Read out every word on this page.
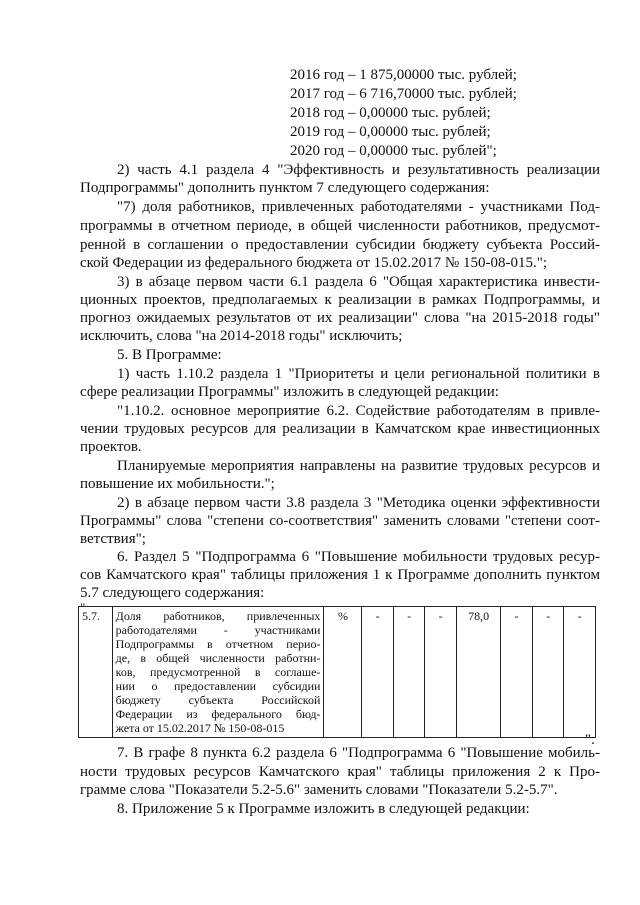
2016 год – 1 875,00000 тыс. рублей;
2017 год – 6 716,70000 тыс. рублей;
2018 год – 0,00000 тыс. рублей;
2019 год – 0,00000 тыс. рублей;
2020 год – 0,00000 тыс. рублей";
2) часть 4.1 раздела 4 "Эффективность и результативность реализации
Подпрограммы" дополнить пунктом 7 следующего содержания:
"7) доля работников, привлеченных работодателями - участниками Под-
программы в отчетном периоде, в общей численности работников, предусмот-
ренной в соглашении о предоставлении субсидии бюджету субъекта Россий-
ской Федерации из федерального бюджета от 15.02.2017 № 150-08-015.";
3) в абзаце первом части 6.1 раздела 6 "Общая характеристика инвести-
ционных проектов, предполагаемых к реализации в рамках Подпрограммы, и
прогноз ожидаемых результатов от их реализации" слова "на 2015-2018 годы"
исключить, слова "на 2014-2018 годы" исключить;
5. В Программе:
1) часть 1.10.2 раздела 1 "Приоритеты и цели региональной политики в
сфере реализации Программы" изложить в следующей редакции:
"1.10.2. основное мероприятие 6.2. Содействие работодателям в привле-
чении трудовых ресурсов для реализации в Камчатском крае инвестиционных
проектов.
Планируемые мероприятия направлены на развитие трудовых ресурсов и
повышение их мобильности.";
2) в абзаце первом части 3.8 раздела 3 "Методика оценки эффективности
Программы" слова "степени со-соответствия" заменить словами "степени соот-
ветствия";
6. Раздел 5 "Подпрограмма 6 "Повышение мобильности трудовых ресур-
сов Камчатского края" таблицы приложения 1 к Программе дополнить пунктом
5.7 следующего содержания:
"
5.7.	Доля работников, привлеченных
работодателями - участниками
Подпрограммы в отчетном перио-
де, в общей численности работни-
ков, предусмотренной в соглаше-
нии о предоставлении субсидии
бюджету субъекта Российской
Федерации из федерального бюд-
жета от 15.02.2017 № 150-08-015
	%	-	-	-	78,0	-	-	-
".
7. В графе 8 пункта 6.2 раздела 6 "Подпрограмма 6 "Повышение мобиль-
ности трудовых ресурсов Камчатского края" таблицы приложения 2 к Про-
грамме слова "Показатели 5.2-5.6" заменить словами "Показатели 5.2-5.7".
8. Приложение 5 к Программе изложить в следующей редакции:
